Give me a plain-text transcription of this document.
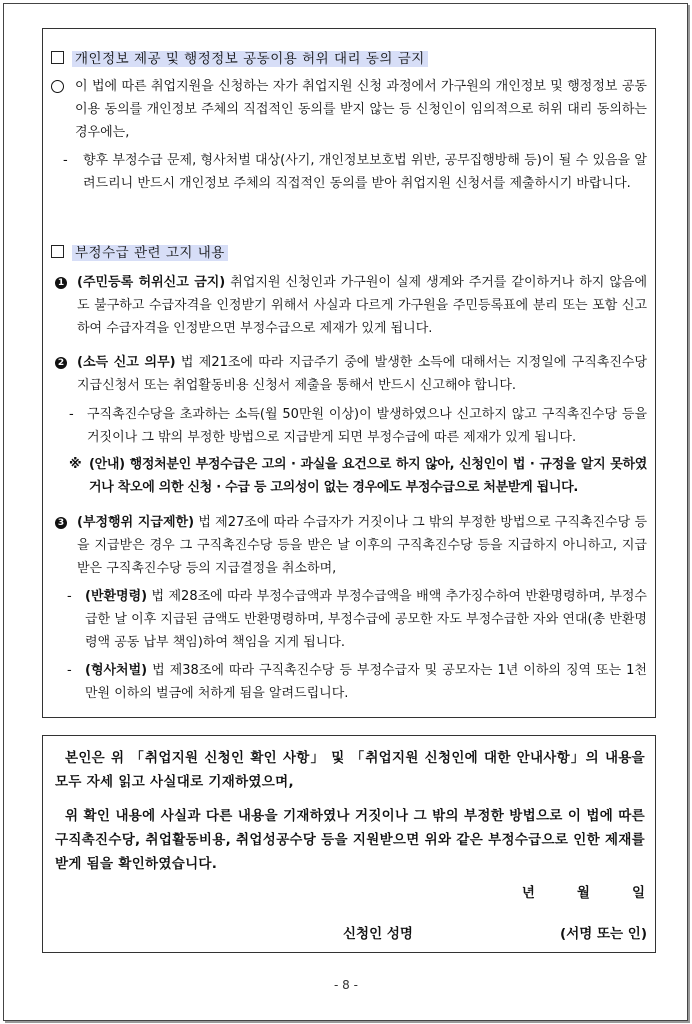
개인정보 제공 및 행정정보 공동이용 허위 대리 동의 금지
이 법에 따른 취업지원을 신청하는 자가 취업지원 신청 과정에서 가구원의 개인정보 및 행정정보 공동이용 동의를 개인정보 주체의 직접적인 동의를 받지 않는 등 신청인이 임의적으로 허위 대리 동의하는 경우에는,
- 향후 부정수급 문제, 형사처벌 대상(사기, 개인정보보호법 위반, 공무집행방해 등)이 될 수 있음을 알려드리니 반드시 개인정보 주체의 직접적인 동의를 받아 취업지원 신청서를 제출하시기 바랍니다.
부정수급 관련 고지 내용
1 (주민등록 허위신고 금지) 취업지원 신청인과 가구원이 실제 생계와 주거를 같이하거나 하지 않음에도 불구하고 수급자격을 인정받기 위해서 사실과 다르게 가구원을 주민등록표에 분리 또는 포함 신고하여 수급자격을 인정받으면 부정수급으로 제재가 있게 됩니다.
2 (소득 신고 의무) 법 제21조에 따라 지급주기 중에 발생한 소득에 대해서는 지정일에 구직촉진수당 지급신청서 또는 취업활동비용 신청서 제출을 통해서 반드시 신고해야 합니다.
- 구직촉진수당을 초과하는 소득(월 50만원 이상)이 발생하였으나 신고하지 않고 구직촉진수당 등을 거짓이나 그 밖의 부정한 방법으로 지급받게 되면 부정수급에 따른 제재가 있게 됩니다.
※ (안내) 행정처분인 부정수급은 고의 · 과실을 요건으로 하지 않아, 신청인이 법 · 규정을 알지 못하였거나 착오에 의한 신청 · 수급 등 고의성이 없는 경우에도 부정수급으로 처분받게 됩니다.
3 (부정행위 지급제한) 법 제27조에 따라 수급자가 거짓이나 그 밖의 부정한 방법으로 구직촉진수당 등을 지급받은 경우 그 구직촉진수당 등을 받은 날 이후의 구직촉진수당 등을 지급하지 아니하고, 지급받은 구직촉진수당 등의 지급결정을 취소하며,
- (반환명령) 법 제28조에 따라 부정수급액과 부정수급액을 배액 추가징수하여 반환명령하며, 부정수급한 날 이후 지급된 금액도 반환명령하며, 부정수급에 공모한 자도 부정수급한 자와 연대(총 반환명령액 공동 납부 책임)하여 책임을 지게 됩니다.
- (형사처벌) 법 제38조에 따라 구직촉진수당 등 부정수급자 및 공모자는 1년 이하의 징역 또는 1천만원 이하의 벌금에 처하게 됨을 알려드립니다.
본인은 위 「취업지원 신청인 확인 사항」 및 「취업지원 신청인에 대한 안내사항」의 내용을 모두 자세 읽고 사실대로 기재하였으며,
위 확인 내용에 사실과 다른 내용을 기재하였나 거짓이나 그 밖의 부정한 방법으로 이 법에 따른 구직촉진수당, 취업활동비용, 취업성공수당 등을 지원받으면 위와 같은 부정수급으로 인한 제재를 받게 됨을 확인하였습니다.
년	월	일
신청인 성명	(서명 또는 인)
- 8 -
